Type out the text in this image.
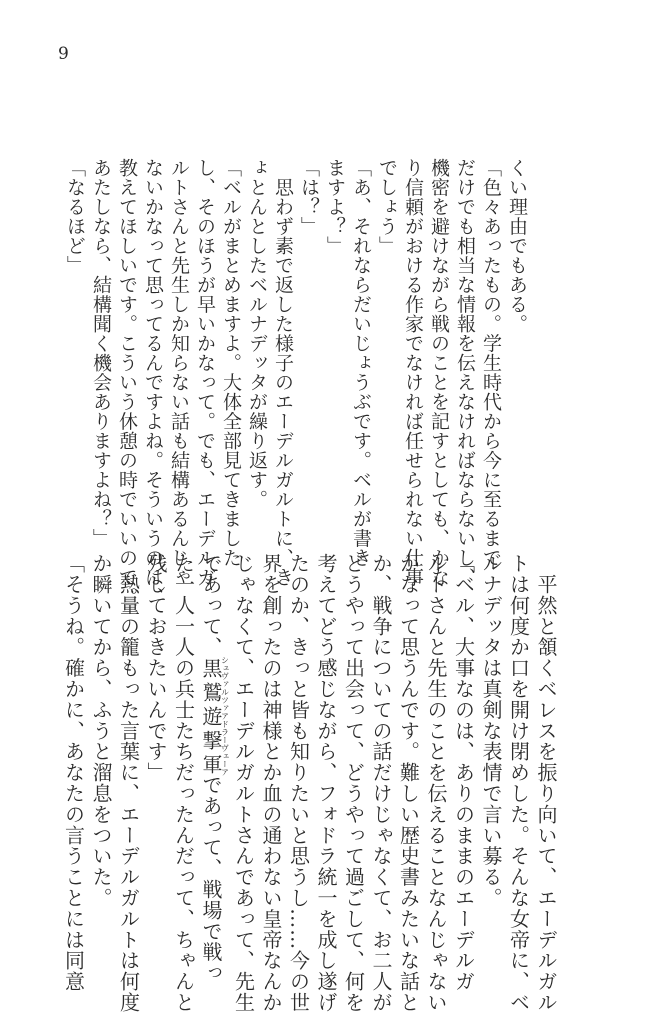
9
くい理由でもある。
「色々あったもの。学生時代から今に至るまで
だけでも相当な情報を伝えなければならないし、
機密を避けながら戦のことを記すとしても、かな
り信頼がおける作家でなければ任せられない仕事
でしょう」
「あ、それならだいじょうぶです。ベルが書き
ますよ？」
「は？」
　思わず素で返した様子のエーデルガルトに、き
ょとんとしたベルナデッタが繰り返す。
「ベルがまとめますよ。大体全部見てきました
し、そのほうが早いかなって。でも、エーデルガ
ルトさんと先生しか知らない話も結構あるんじゃ
ないかなって思ってるんですよね。そういうのは、
教えてほしいです。こういう休憩の時でいいので。
あたしなら、結構聞く機会ありますよね？」
「なるほど」
　平然と頷くベレスを振り向いて、エーデルガル
トは何度か口を開け閉めした。そんな女帝に、ベ
ルナデッタは真剣な表情で言い募る。
「ベル、大事なのは、ありのままのエーデルガ
ルトさんと先生のことを伝えることなんじゃない
かなって思うんです。難しい歴史書みたいな話と
か、戦争についての話だけじゃなくて、お二人が
どうやって出会って、どうやって過ごして、何を
考えてどう感じながら、フォドラ統一を成し遂げ
たのか、きっと皆も知りたいと思うし……今の世
界を創ったのは神様とか血の通わない皇帝なんか
じゃなくて、エーデルガルトさんであって、先生
であって、黒鷲遊撃軍シュヴァルツァアドラーヴェーアであって、戦場で戦っ
た一人一人の兵士たちだったんだって、ちゃんと
残しておきたいんです」
　熱量の籠もった言葉に、エーデルガルトは何度
か瞬いてから、ふうと溜息をついた。
「そうね。確かに、あなたの言うことには同意
